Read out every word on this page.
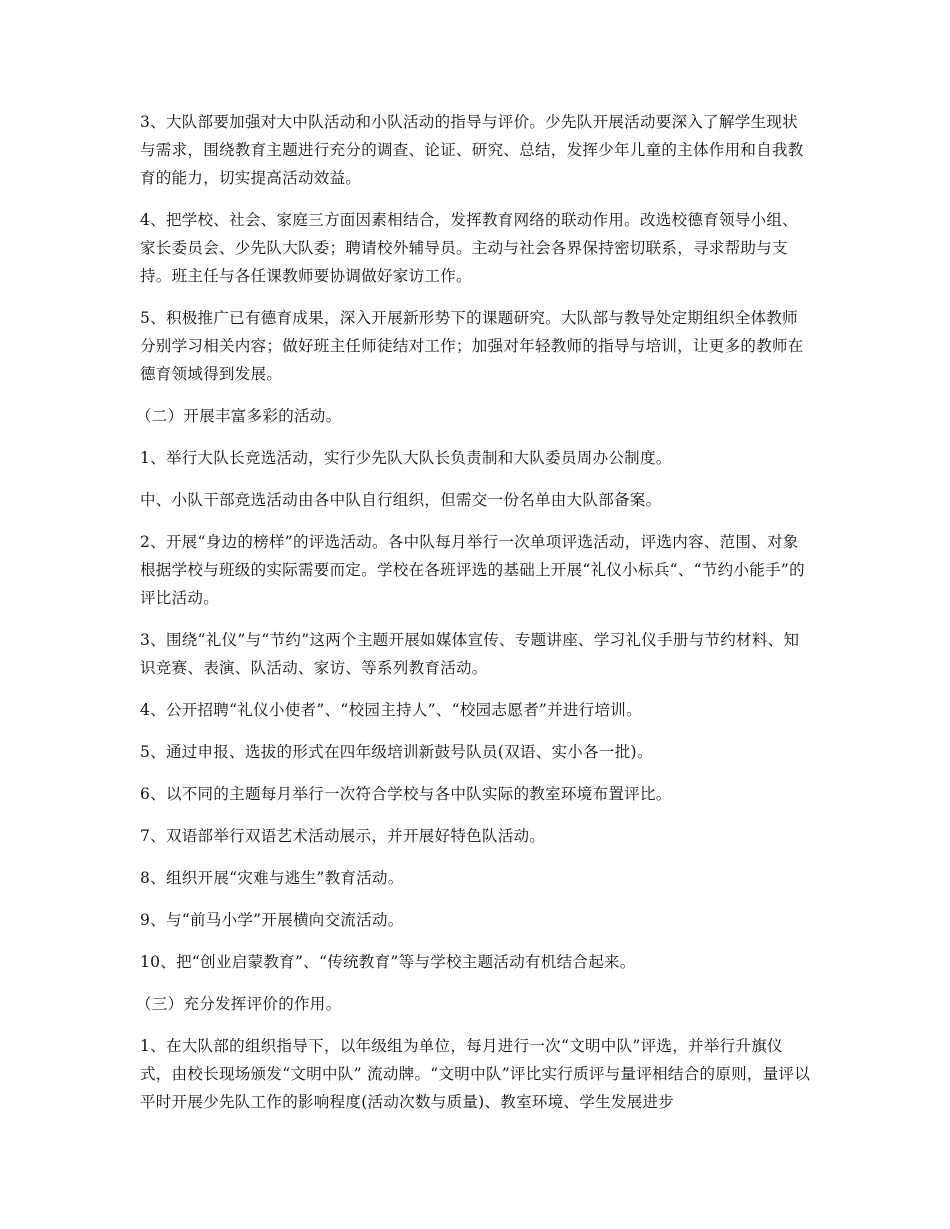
3、大队部要加强对大中队活动和小队活动的指导与评价。少先队开展活动要深入了解学生现状与需求，围绕教育主题进行充分的调查、论证、研究、总结，发挥少年儿童的主体作用和自我教育的能力，切实提高活动效益。

4、把学校、社会、家庭三方面因素相结合，发挥教育网络的联动作用。改选校德育领导小组、家长委员会、少先队大队委；聘请校外辅导员。主动与社会各界保持密切联系，寻求帮助与支持。班主任与各任课教师要协调做好家访工作。

5、积极推广已有德育成果，深入开展新形势下的课题研究。大队部与教导处定期组织全体教师分别学习相关内容；做好班主任师徒结对工作；加强对年轻教师的指导与培训，让更多的教师在德育领域得到发展。

（二）开展丰富多彩的活动。

1、举行大队长竞选活动，实行少先队大队长负责制和大队委员周办公制度。

中、小队干部竞选活动由各中队自行组织，但需交一份名单由大队部备案。

2、开展“身边的榜样”的评选活动。各中队每月举行一次单项评选活动，评选内容、范围、对象根据学校与班级的实际需要而定。学校在各班评选的基础上开展“礼仪小标兵“、“节约小能手”的评比活动。

3、围绕“礼仪”与“节约”这两个主题开展如媒体宣传、专题讲座、学习礼仪手册与节约材料、知识竞赛、表演、队活动、家访、等系列教育活动。

4、公开招聘“礼仪小使者”、“校园主持人”、“校园志愿者”并进行培训。

5、通过申报、选拔的形式在四年级培训新鼓号队员(双语、实小各一批)。

6、以不同的主题每月举行一次符合学校与各中队实际的教室环境布置评比。

7、双语部举行双语艺术活动展示，并开展好特色队活动。

8、组织开展“灾难与逃生”教育活动。

9、与“前马小学”开展横向交流活动。

10、把“创业启蒙教育”、“传统教育”等与学校主题活动有机结合起来。

（三）充分发挥评价的作用。

1、在大队部的组织指导下，以年级组为单位，每月进行一次“文明中队”评选，并举行升旗仪式，由校长现场颁发“文明中队” 流动牌。“文明中队”评比实行质评与量评相结合的原则，量评以平时开展少先队工作的影响程度(活动次数与质量)、教室环境、学生发展进步
